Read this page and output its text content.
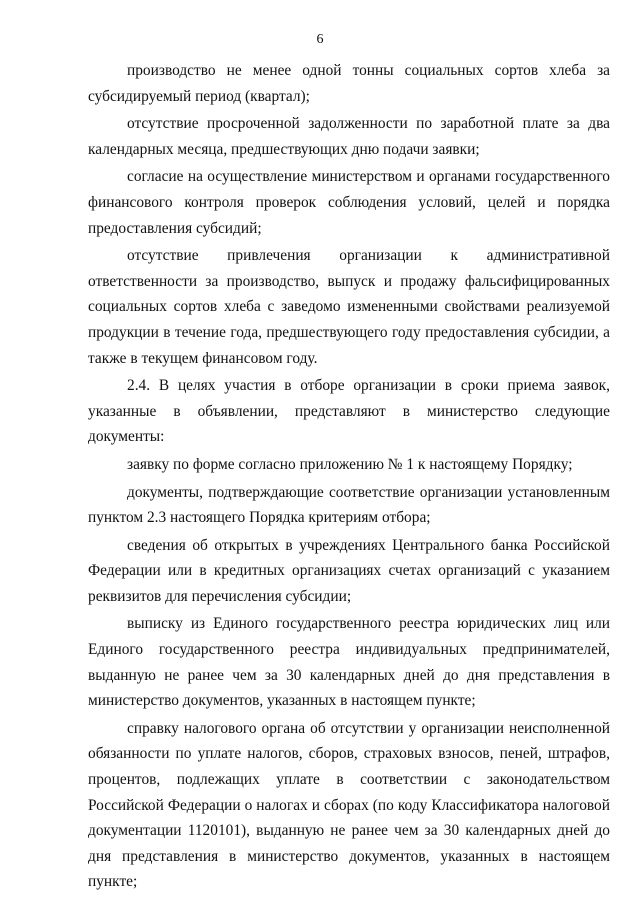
6

производство не менее одной тонны социальных сортов хлеба за субсидируемый период (квартал);

отсутствие просроченной задолженности по заработной плате за два календарных месяца, предшествующих дню подачи заявки;

согласие на осуществление министерством и органами государственного финансового контроля проверок соблюдения условий, целей и порядка предоставления субсидий;

отсутствие привлечения организации к административной ответственности за производство, выпуск и продажу фальсифицированных социальных сортов хлеба с заведомо измененными свойствами реализуемой продукции в течение года, предшествующего году предоставления субсидии, а также в текущем финансовом году.

2.4. В целях участия в отборе организации в сроки приема заявок, указанные в объявлении, представляют в министерство следующие документы:

заявку по форме согласно приложению № 1 к настоящему Порядку;

документы, подтверждающие соответствие организации установленным пунктом 2.3 настоящего Порядка критериям отбора;

сведения об открытых в учреждениях Центрального банка Российской Федерации или в кредитных организациях счетах организаций с указанием реквизитов для перечисления субсидии;

выписку из Единого государственного реестра юридических лиц или Единого государственного реестра индивидуальных предпринимателей, выданную не ранее чем за 30 календарных дней до дня представления в министерство документов, указанных в настоящем пункте;

справку налогового органа об отсутствии у организации неисполненной обязанности по уплате налогов, сборов, страховых взносов, пеней, штрафов, процентов, подлежащих уплате в соответствии с законодательством Российской Федерации о налогах и сборах (по коду Классификатора налоговой документации 1120101), выданную не ранее чем за 30 календарных дней до дня представления в министерство документов, указанных в настоящем пункте;
